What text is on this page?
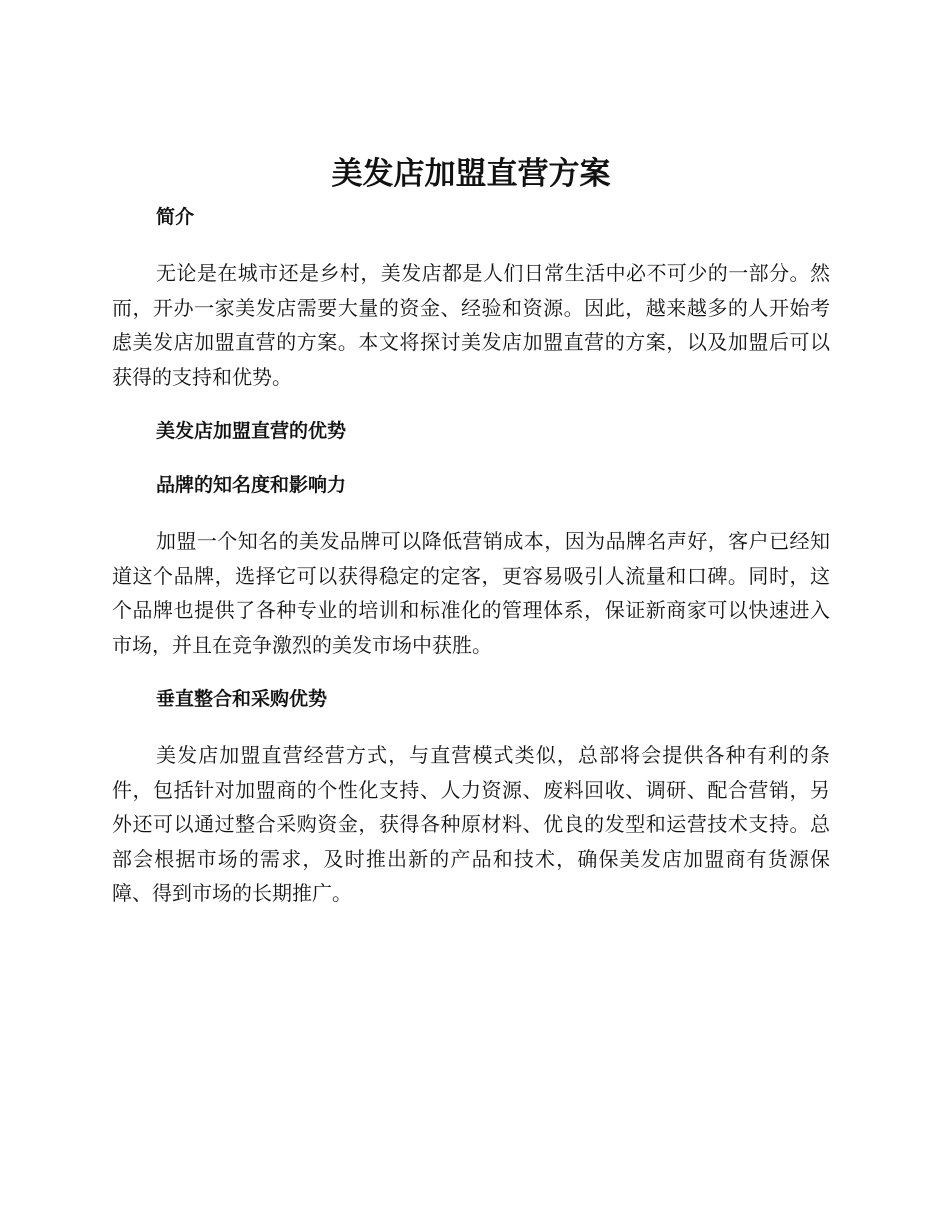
美发店加盟直营方案
简介

无论是在城市还是乡村，美发店都是人们日常生活中必不可少的一部分。然而，开办一家美发店需要大量的资金、经验和资源。因此，越来越多的人开始考虑美发店加盟直营的方案。本文将探讨美发店加盟直营的方案，以及加盟后可以获得的支持和优势。

美发店加盟直营的优势
品牌的知名度和影响力

加盟一个知名的美发品牌可以降低营销成本，因为品牌名声好，客户已经知道这个品牌，选择它可以获得稳定的定客，更容易吸引人流量和口碑。同时，这个品牌也提供了各种专业的培训和标准化的管理体系，保证新商家可以快速进入市场，并且在竞争激烈的美发市场中获胜。

垂直整合和采购优势

美发店加盟直营经营方式，与直营模式类似，总部将会提供各种有利的条件，包括针对加盟商的个性化支持、人力资源、废料回收、调研、配合营销，另外还可以通过整合采购资金，获得各种原材料、优良的发型和运营技术支持。总部会根据市场的需求，及时推出新的产品和技术，确保美发店加盟商有货源保障、得到市场的长期推广。
